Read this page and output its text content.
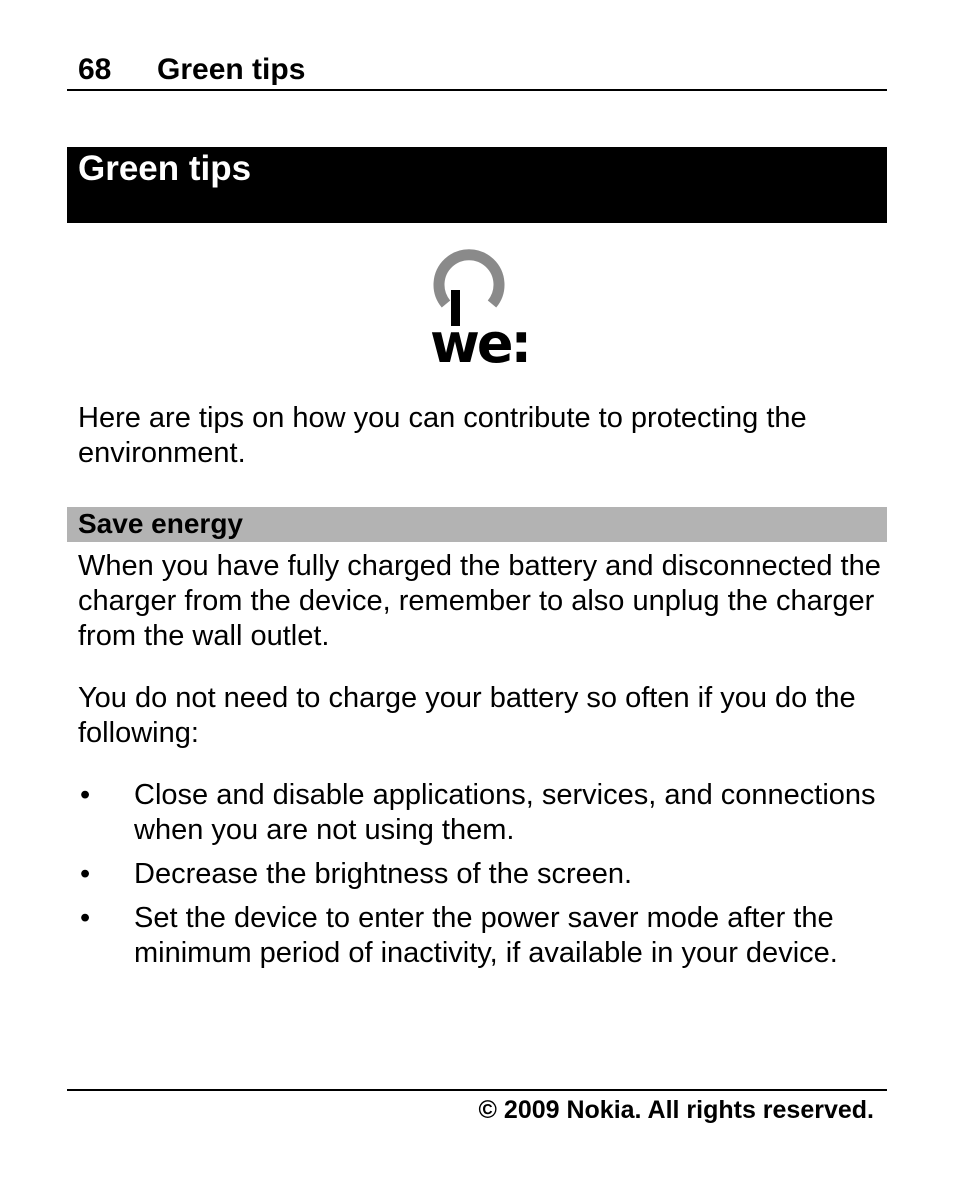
68 Green tips
Green tips
we:

Here are tips on how you can contribute to protecting the environment.

Save energy

When you have fully charged the battery and disconnected the charger from the device, remember to also unplug the charger from the wall outlet.

You do not need to charge your battery so often if you do the following:

• Close and disable applications, services, and connections when you are not using them.
• Decrease the brightness of the screen.
• Set the device to enter the power saver mode after the minimum period of inactivity, if available in your device.
© 2009 Nokia. All rights reserved.
